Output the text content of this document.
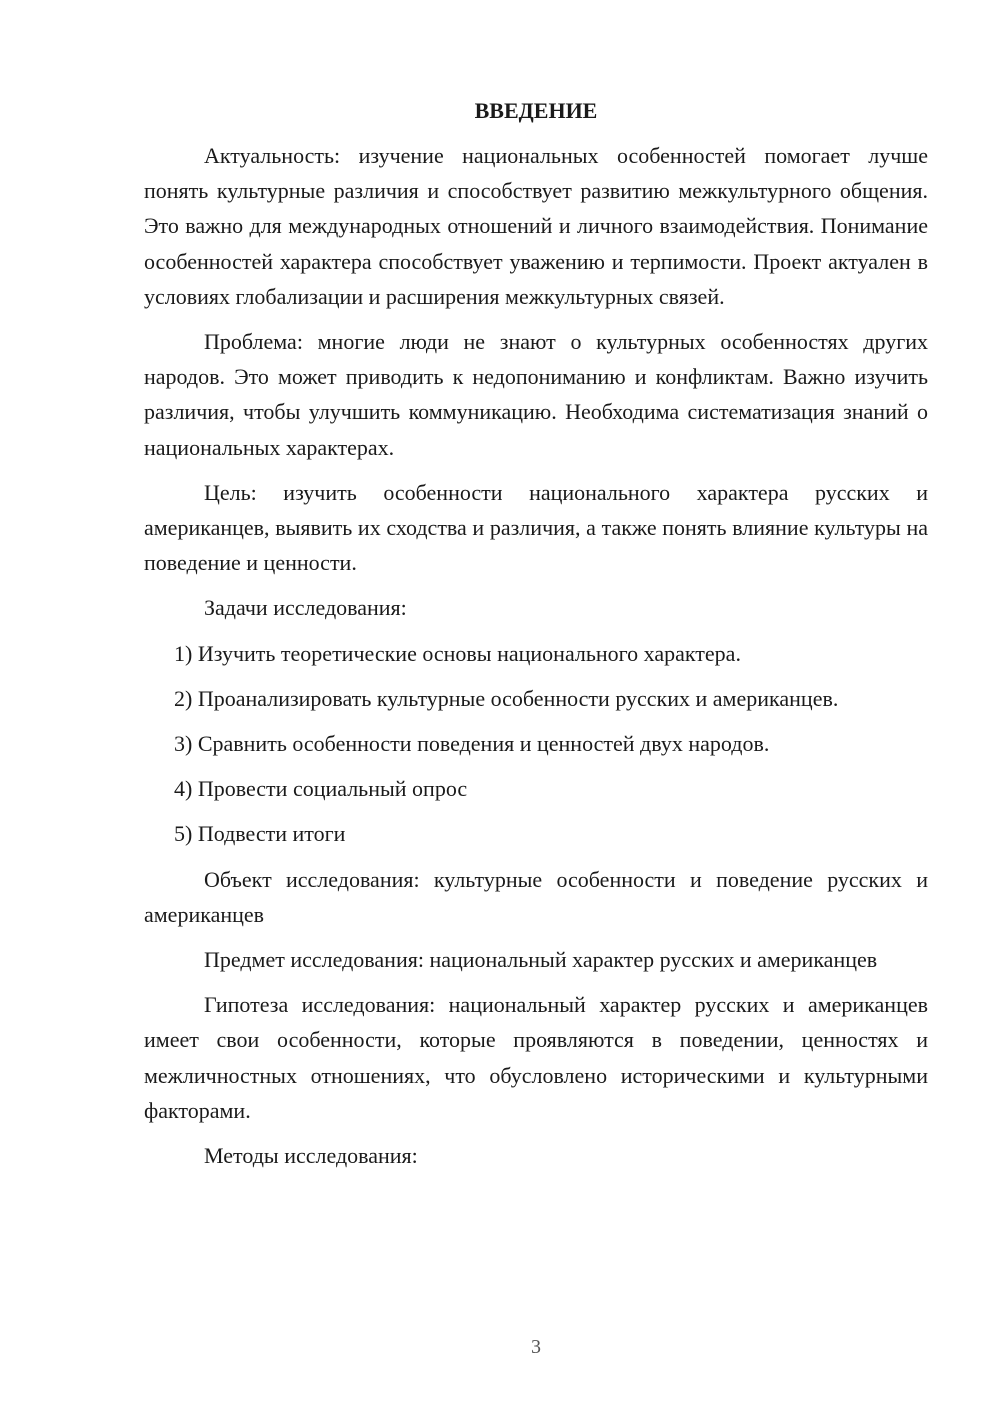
ВВЕДЕНИЕ

Актуальность: изучение национальных особенностей помогает лучше понять культурные различия и способствует развитию межкультурного общения. Это важно для международных отношений и личного взаимодействия. Понимание особенностей характера способствует уважению и терпимости. Проект актуален в условиях глобализации и расширения межкультурных связей.

Проблема: многие люди не знают о культурных особенностях других народов. Это может приводить к недопониманию и конфликтам. Важно изучить различия, чтобы улучшить коммуникацию. Необходима систематизация знаний о национальных характерах.

Цель: изучить особенности национального характера русских и американцев, выявить их сходства и различия, а также понять влияние культуры на поведение и ценности.

Задачи исследования:

1) Изучить теоретические основы национального характера.

2) Проанализировать культурные особенности русских и американцев.

3) Сравнить особенности поведения и ценностей двух народов.

4) Провести социальный опрос

5) Подвести итоги

Объект исследования: культурные особенности и поведение русских и американцев

Предмет исследования: национальный характер русских и американцев

Гипотеза исследования: национальный характер русских и американцев имеет свои особенности, которые проявляются в поведении, ценностях и межличностных отношениях, что обусловлено историческими и культурными факторами.

Методы исследования:

3
